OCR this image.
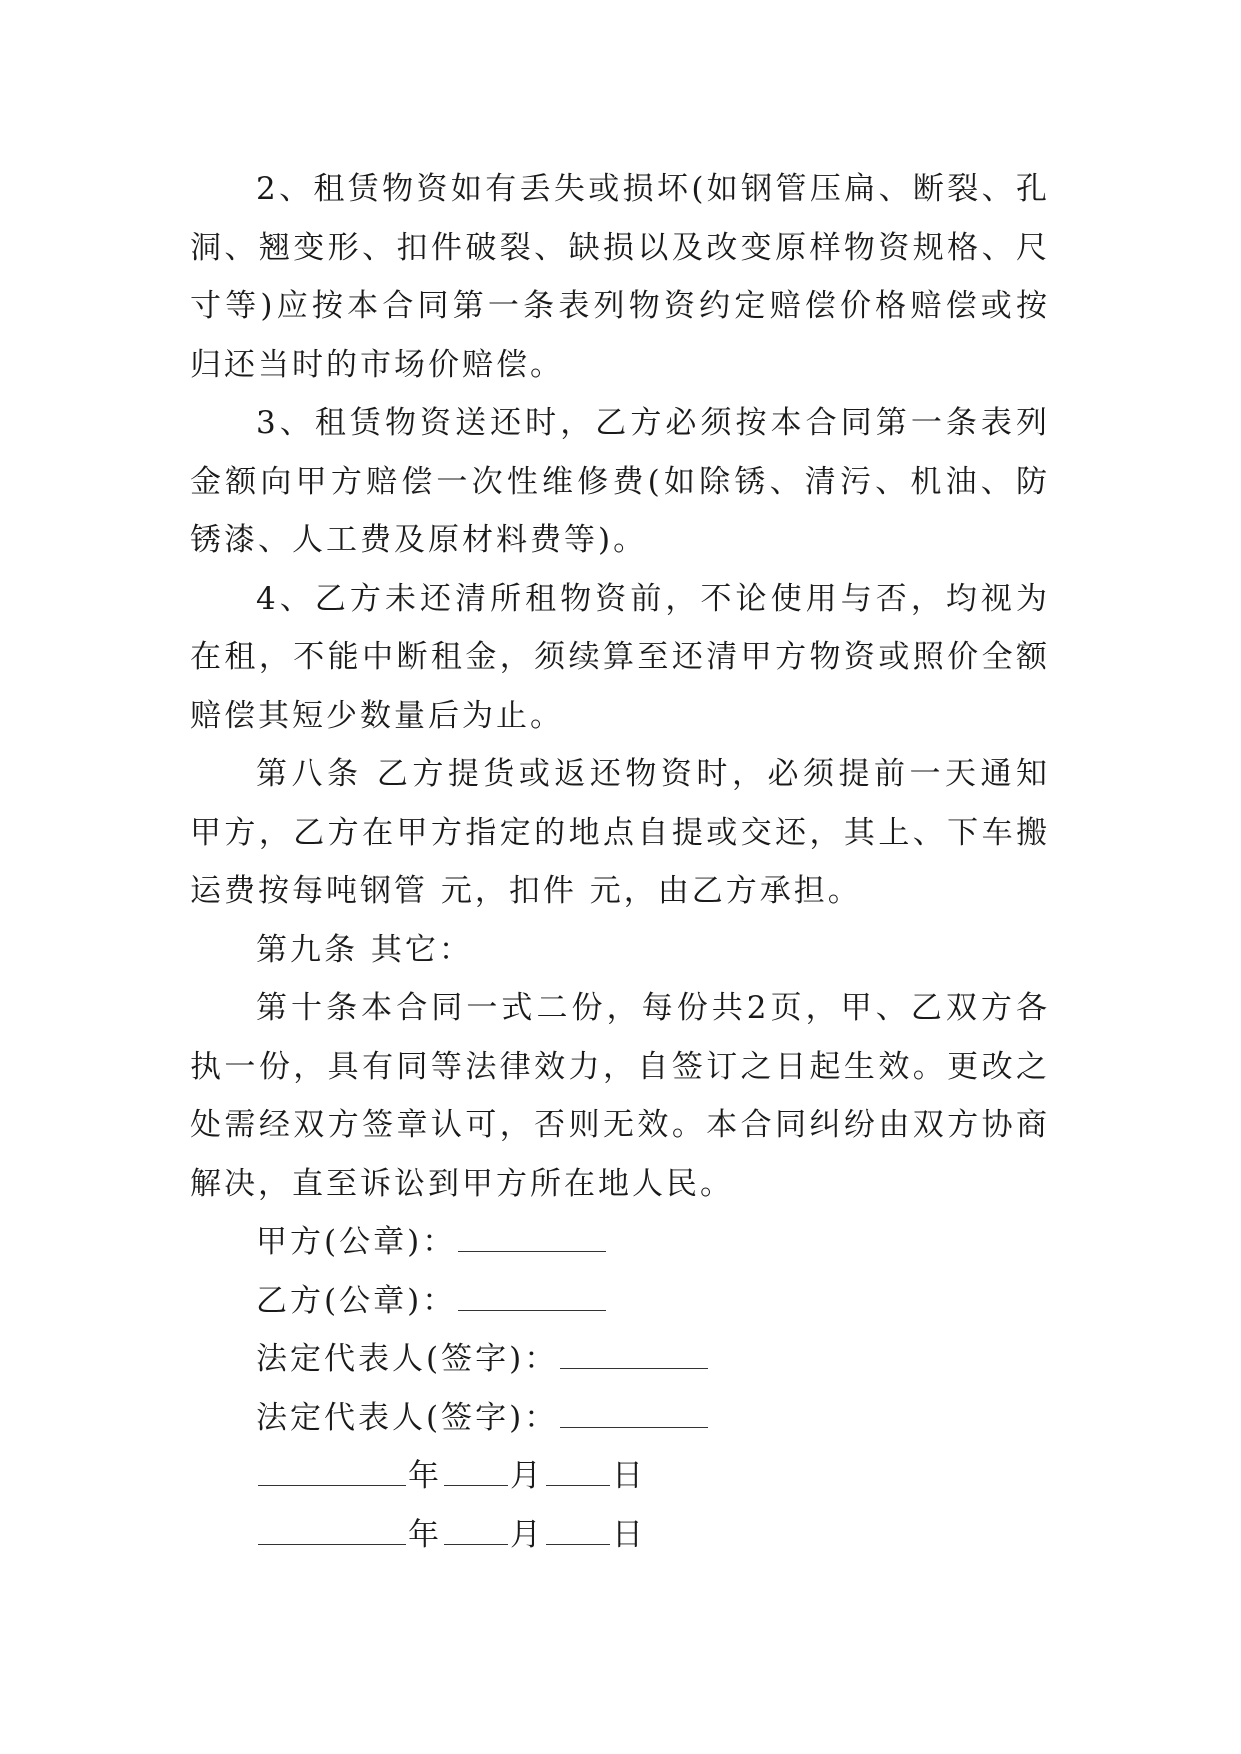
2、租赁物资如有丢失或损坏(如钢管压扁、断裂、孔洞、翘变形、扣件破裂、缺损以及改变原样物资规格、尺寸等)应按本合同第一条表列物资约定赔偿价格赔偿或按归还当时的市场价赔偿。

3、租赁物资送还时，乙方必须按本合同第一条表列金额向甲方赔偿一次性维修费(如除锈、清污、机油、防锈漆、人工费及原材料费等)。

4、乙方未还清所租物资前，不论使用与否，均视为在租，不能中断租金，须续算至还清甲方物资或照价全额赔偿其短少数量后为止。

第八条 乙方提货或返还物资时，必须提前一天通知甲方，乙方在甲方指定的地点自提或交还，其上、下车搬运费按每吨钢管 元，扣件 元，由乙方承担。

第九条 其它：

第十条本合同一式二份，每份共2页，甲、乙双方各执一份，具有同等法律效力，自签订之日起生效。更改之处需经双方签章认可，否则无效。本合同纠纷由双方协商解决，直至诉讼到甲方所在地人民。

甲方(公章)：

乙方(公章)：

法定代表人(签字)：

法定代表人(签字)：

年 月 日

年 月 日
